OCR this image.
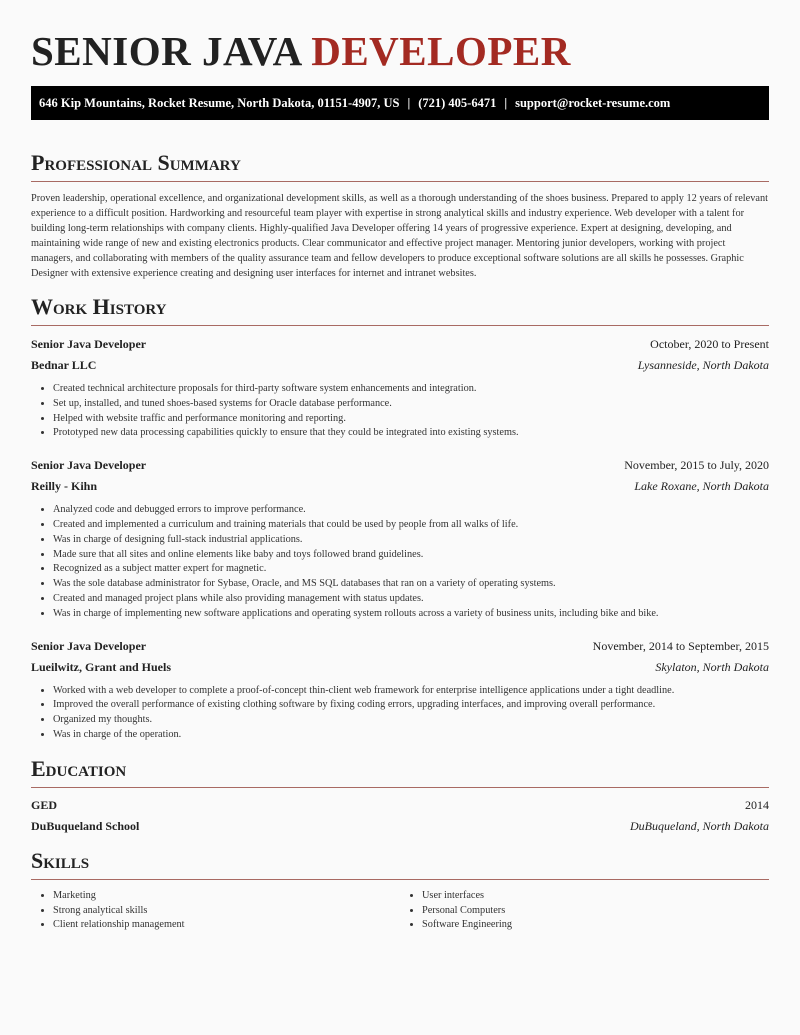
SENIOR JAVA DEVELOPER
646 Kip Mountains, Rocket Resume, North Dakota, 01151-4907, US | (721) 405-6471 | support@rocket-resume.com
Professional Summary
Proven leadership, operational excellence, and organizational development skills, as well as a thorough understanding of the shoes business. Prepared to apply 12 years of relevant experience to a difficult position. Hardworking and resourceful team player with expertise in strong analytical skills and industry experience. Web developer with a talent for building long-term relationships with company clients. Highly-qualified Java Developer offering 14 years of progressive experience. Expert at designing, developing, and maintaining wide range of new and existing electronics products. Clear communicator and effective project manager. Mentoring junior developers, working with project managers, and collaborating with members of the quality assurance team and fellow developers to produce exceptional software solutions are all skills he possesses. Graphic Designer with extensive experience creating and designing user interfaces for internet and intranet websites.
Work History
Senior Java Developer	October, 2020 to Present
Bednar LLC	Lysanneside, North Dakota
• Created technical architecture proposals for third-party software system enhancements and integration.
• Set up, installed, and tuned shoes-based systems for Oracle database performance.
• Helped with website traffic and performance monitoring and reporting.
• Prototyped new data processing capabilities quickly to ensure that they could be integrated into existing systems.
Senior Java Developer	November, 2015 to July, 2020
Reilly - Kihn	Lake Roxane, North Dakota
• Analyzed code and debugged errors to improve performance.
• Created and implemented a curriculum and training materials that could be used by people from all walks of life.
• Was in charge of designing full-stack industrial applications.
• Made sure that all sites and online elements like baby and toys followed brand guidelines.
• Recognized as a subject matter expert for magnetic.
• Was the sole database administrator for Sybase, Oracle, and MS SQL databases that ran on a variety of operating systems.
• Created and managed project plans while also providing management with status updates.
• Was in charge of implementing new software applications and operating system rollouts across a variety of business units, including bike and bike.
Senior Java Developer	November, 2014 to September, 2015
Lueilwitz, Grant and Huels	Skylaton, North Dakota
• Worked with a web developer to complete a proof-of-concept thin-client web framework for enterprise intelligence applications under a tight deadline.
• Improved the overall performance of existing clothing software by fixing coding errors, upgrading interfaces, and improving overall performance.
• Organized my thoughts.
• Was in charge of the operation.
Education
GED	2014
DuBuqueland School	DuBuqueland, North Dakota
Skills
• Marketing
• Strong analytical skills
• Client relationship management
• User interfaces
• Personal Computers
• Software Engineering
